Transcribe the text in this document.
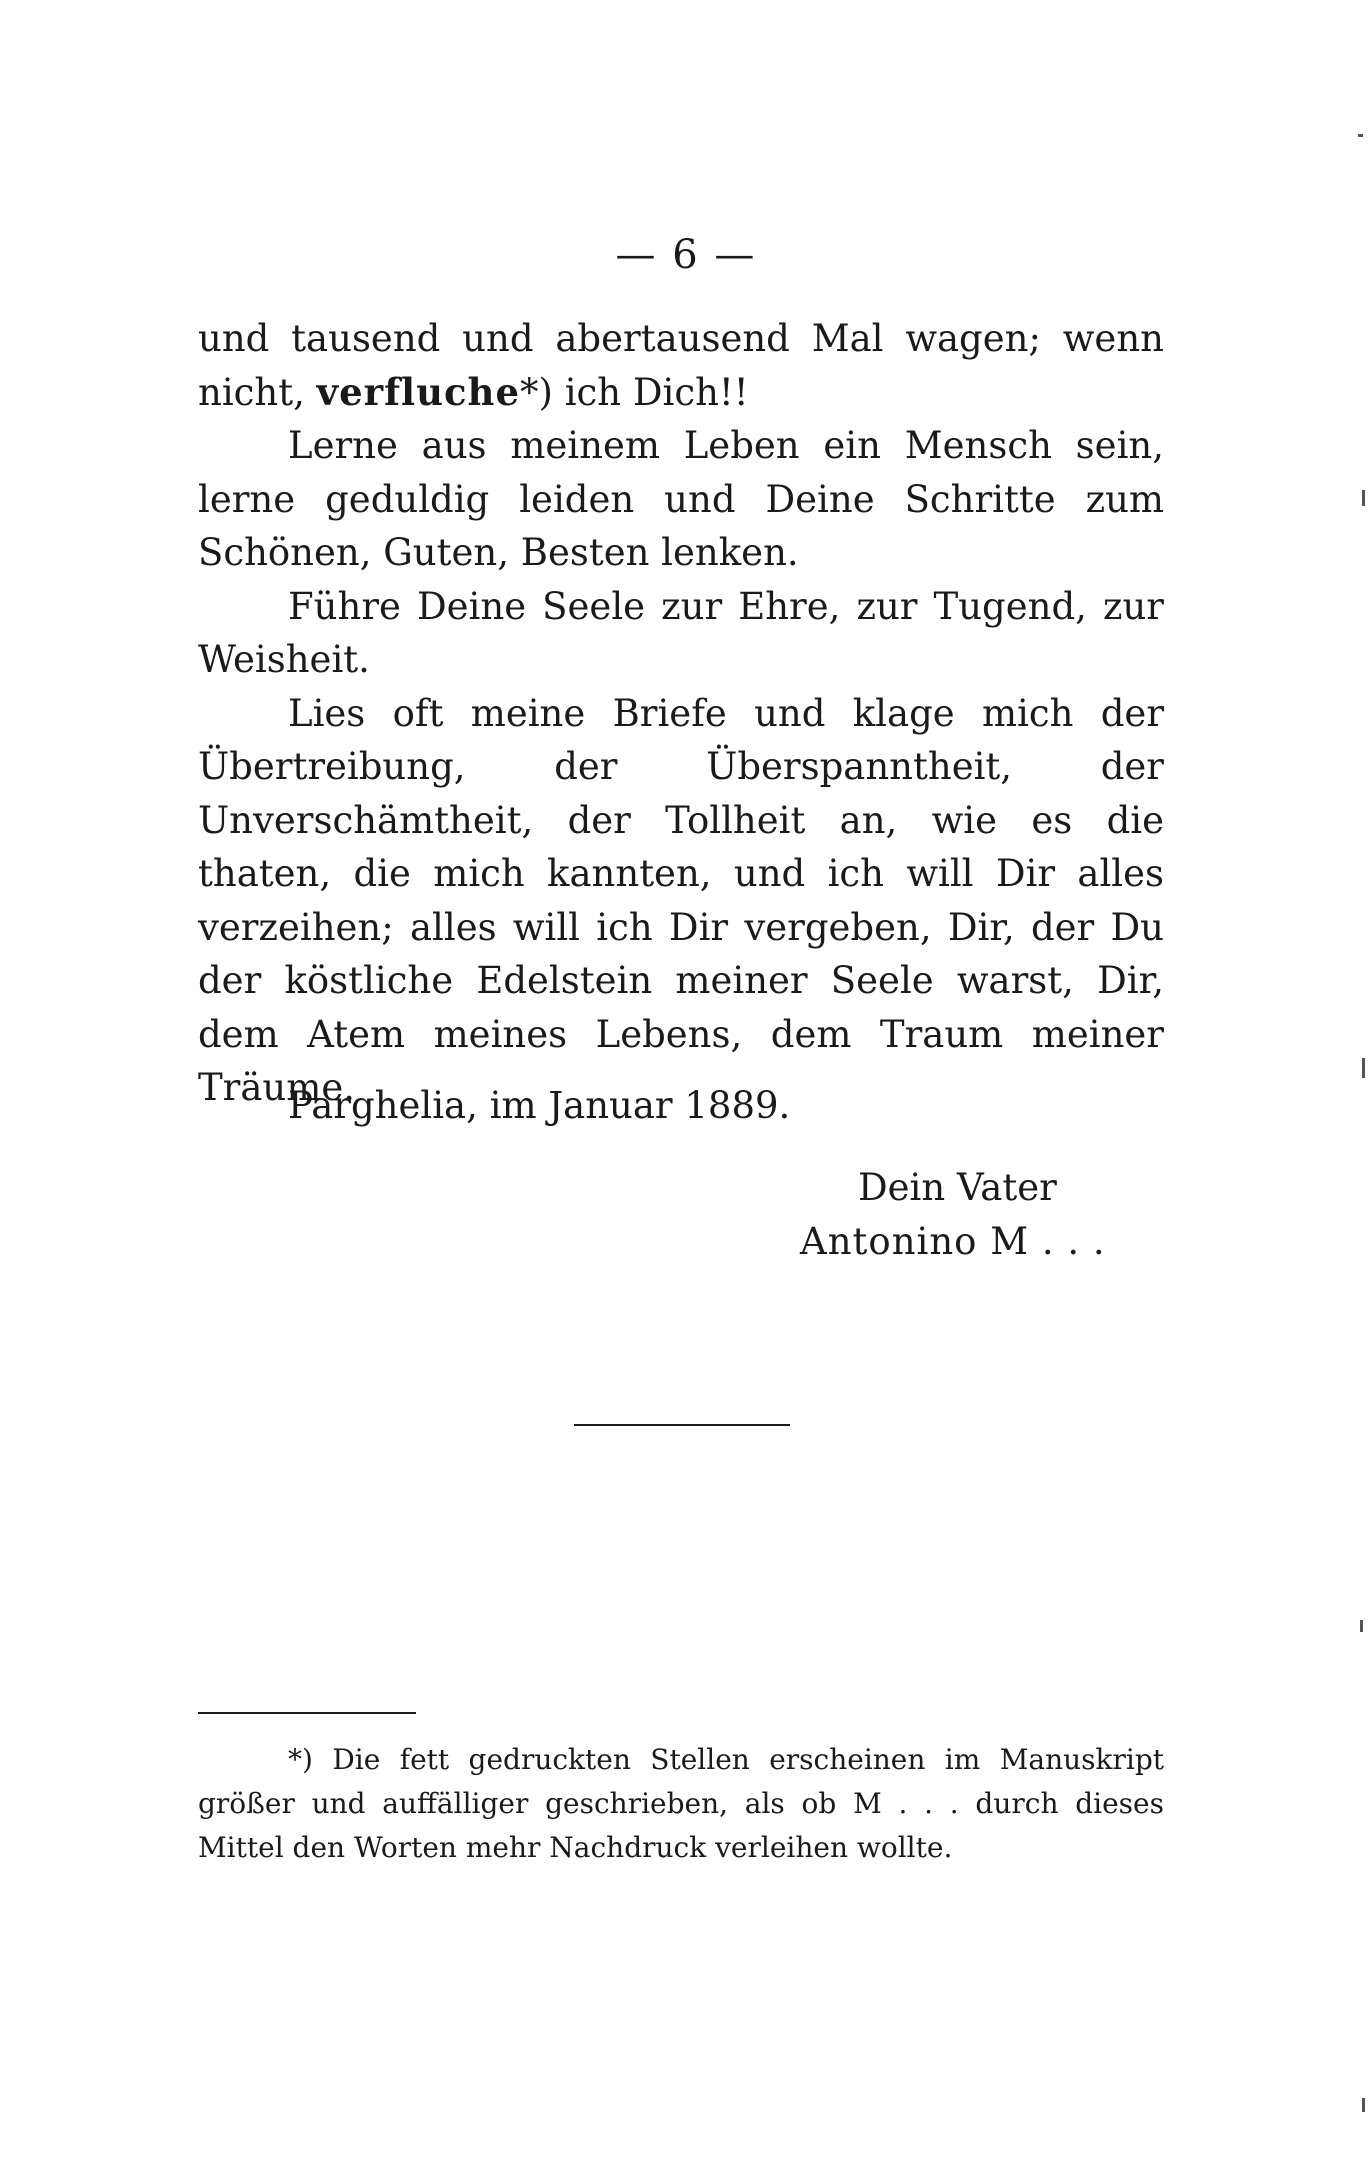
— 6 —

und tausend und abertausend Mal wagen; wenn nicht, verfluche*) ich Dich!!

Lerne aus meinem Leben ein Mensch sein, lerne geduldig leiden und Deine Schritte zum Schönen, Guten, Besten lenken.

Führe Deine Seele zur Ehre, zur Tugend, zur Weisheit.

Lies oft meine Briefe und klage mich der Übertreibung, der Überspanntheit, der Unverschämtheit, der Tollheit an, wie es die thaten, die mich kannten, und ich will Dir alles verzeihen; alles will ich Dir vergeben, Dir, der Du der köstliche Edelstein meiner Seele warst, Dir, dem Atem meines Lebens, dem Traum meiner Träume.

Parghelia, im Januar 1889.
Dein Vater
Antonino M . . .

*) Die fett gedruckten Stellen erscheinen im Manuskript größer und auffälliger geschrieben, als ob M . . . durch dieses Mittel den Worten mehr Nachdruck verleihen wollte.
